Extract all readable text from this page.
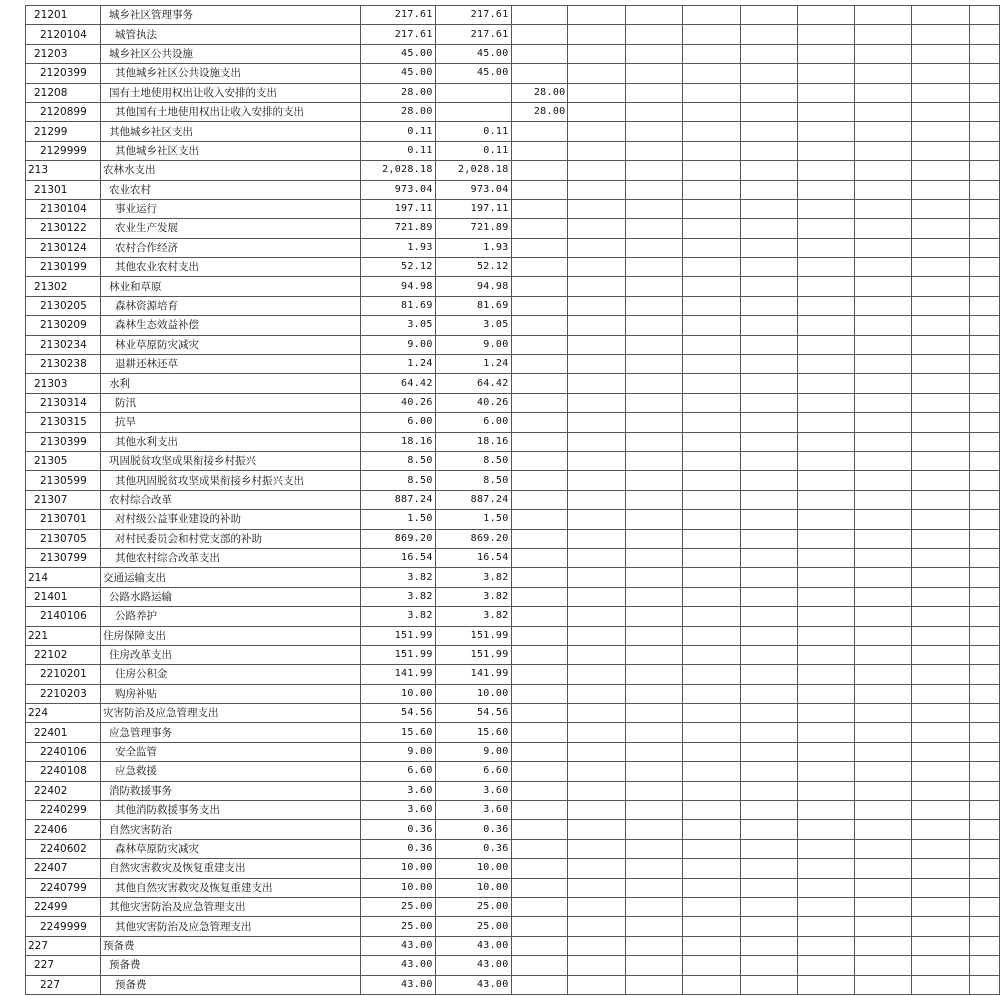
21201	城乡社区管理事务	217.61	217.61									
2120104	城管执法	217.61	217.61									
21203	城乡社区公共设施	45.00	45.00									
2120399	其他城乡社区公共设施支出	45.00	45.00									
21208	国有土地使用权出让收入安排的支出	28.00		28.00								
2120899	其他国有土地使用权出让收入安排的支出	28.00		28.00								
21299	其他城乡社区支出	0.11	0.11									
2129999	其他城乡社区支出	0.11	0.11									
213	农林水支出	2,028.18	2,028.18									
21301	农业农村	973.04	973.04									
2130104	事业运行	197.11	197.11									
2130122	农业生产发展	721.89	721.89									
2130124	农村合作经济	1.93	1.93									
2130199	其他农业农村支出	52.12	52.12									
21302	林业和草原	94.98	94.98									
2130205	森林资源培育	81.69	81.69									
2130209	森林生态效益补偿	3.05	3.05									
2130234	林业草原防灾减灾	9.00	9.00									
2130238	退耕还林还草	1.24	1.24									
21303	水利	64.42	64.42									
2130314	防汛	40.26	40.26									
2130315	抗旱	6.00	6.00									
2130399	其他水利支出	18.16	18.16									
21305	巩固脱贫攻坚成果衔接乡村振兴	8.50	8.50									
2130599	其他巩固脱贫攻坚成果衔接乡村振兴支出	8.50	8.50									
21307	农村综合改革	887.24	887.24									
2130701	对村级公益事业建设的补助	1.50	1.50									
2130705	对村民委员会和村党支部的补助	869.20	869.20									
2130799	其他农村综合改革支出	16.54	16.54									
214	交通运输支出	3.82	3.82									
21401	公路水路运输	3.82	3.82									
2140106	公路养护	3.82	3.82									
221	住房保障支出	151.99	151.99									
22102	住房改革支出	151.99	151.99									
2210201	住房公积金	141.99	141.99									
2210203	购房补贴	10.00	10.00									
224	灾害防治及应急管理支出	54.56	54.56									
22401	应急管理事务	15.60	15.60									
2240106	安全监管	9.00	9.00									
2240108	应急救援	6.60	6.60									
22402	消防救援事务	3.60	3.60									
2240299	其他消防救援事务支出	3.60	3.60									
22406	自然灾害防治	0.36	0.36									
2240602	森林草原防灾减灾	0.36	0.36									
22407	自然灾害救灾及恢复重建支出	10.00	10.00									
2240799	其他自然灾害救灾及恢复重建支出	10.00	10.00									
22499	其他灾害防治及应急管理支出	25.00	25.00									
2249999	其他灾害防治及应急管理支出	25.00	25.00									
227	预备费	43.00	43.00									
227	预备费	43.00	43.00									
227	预备费	43.00	43.00									
